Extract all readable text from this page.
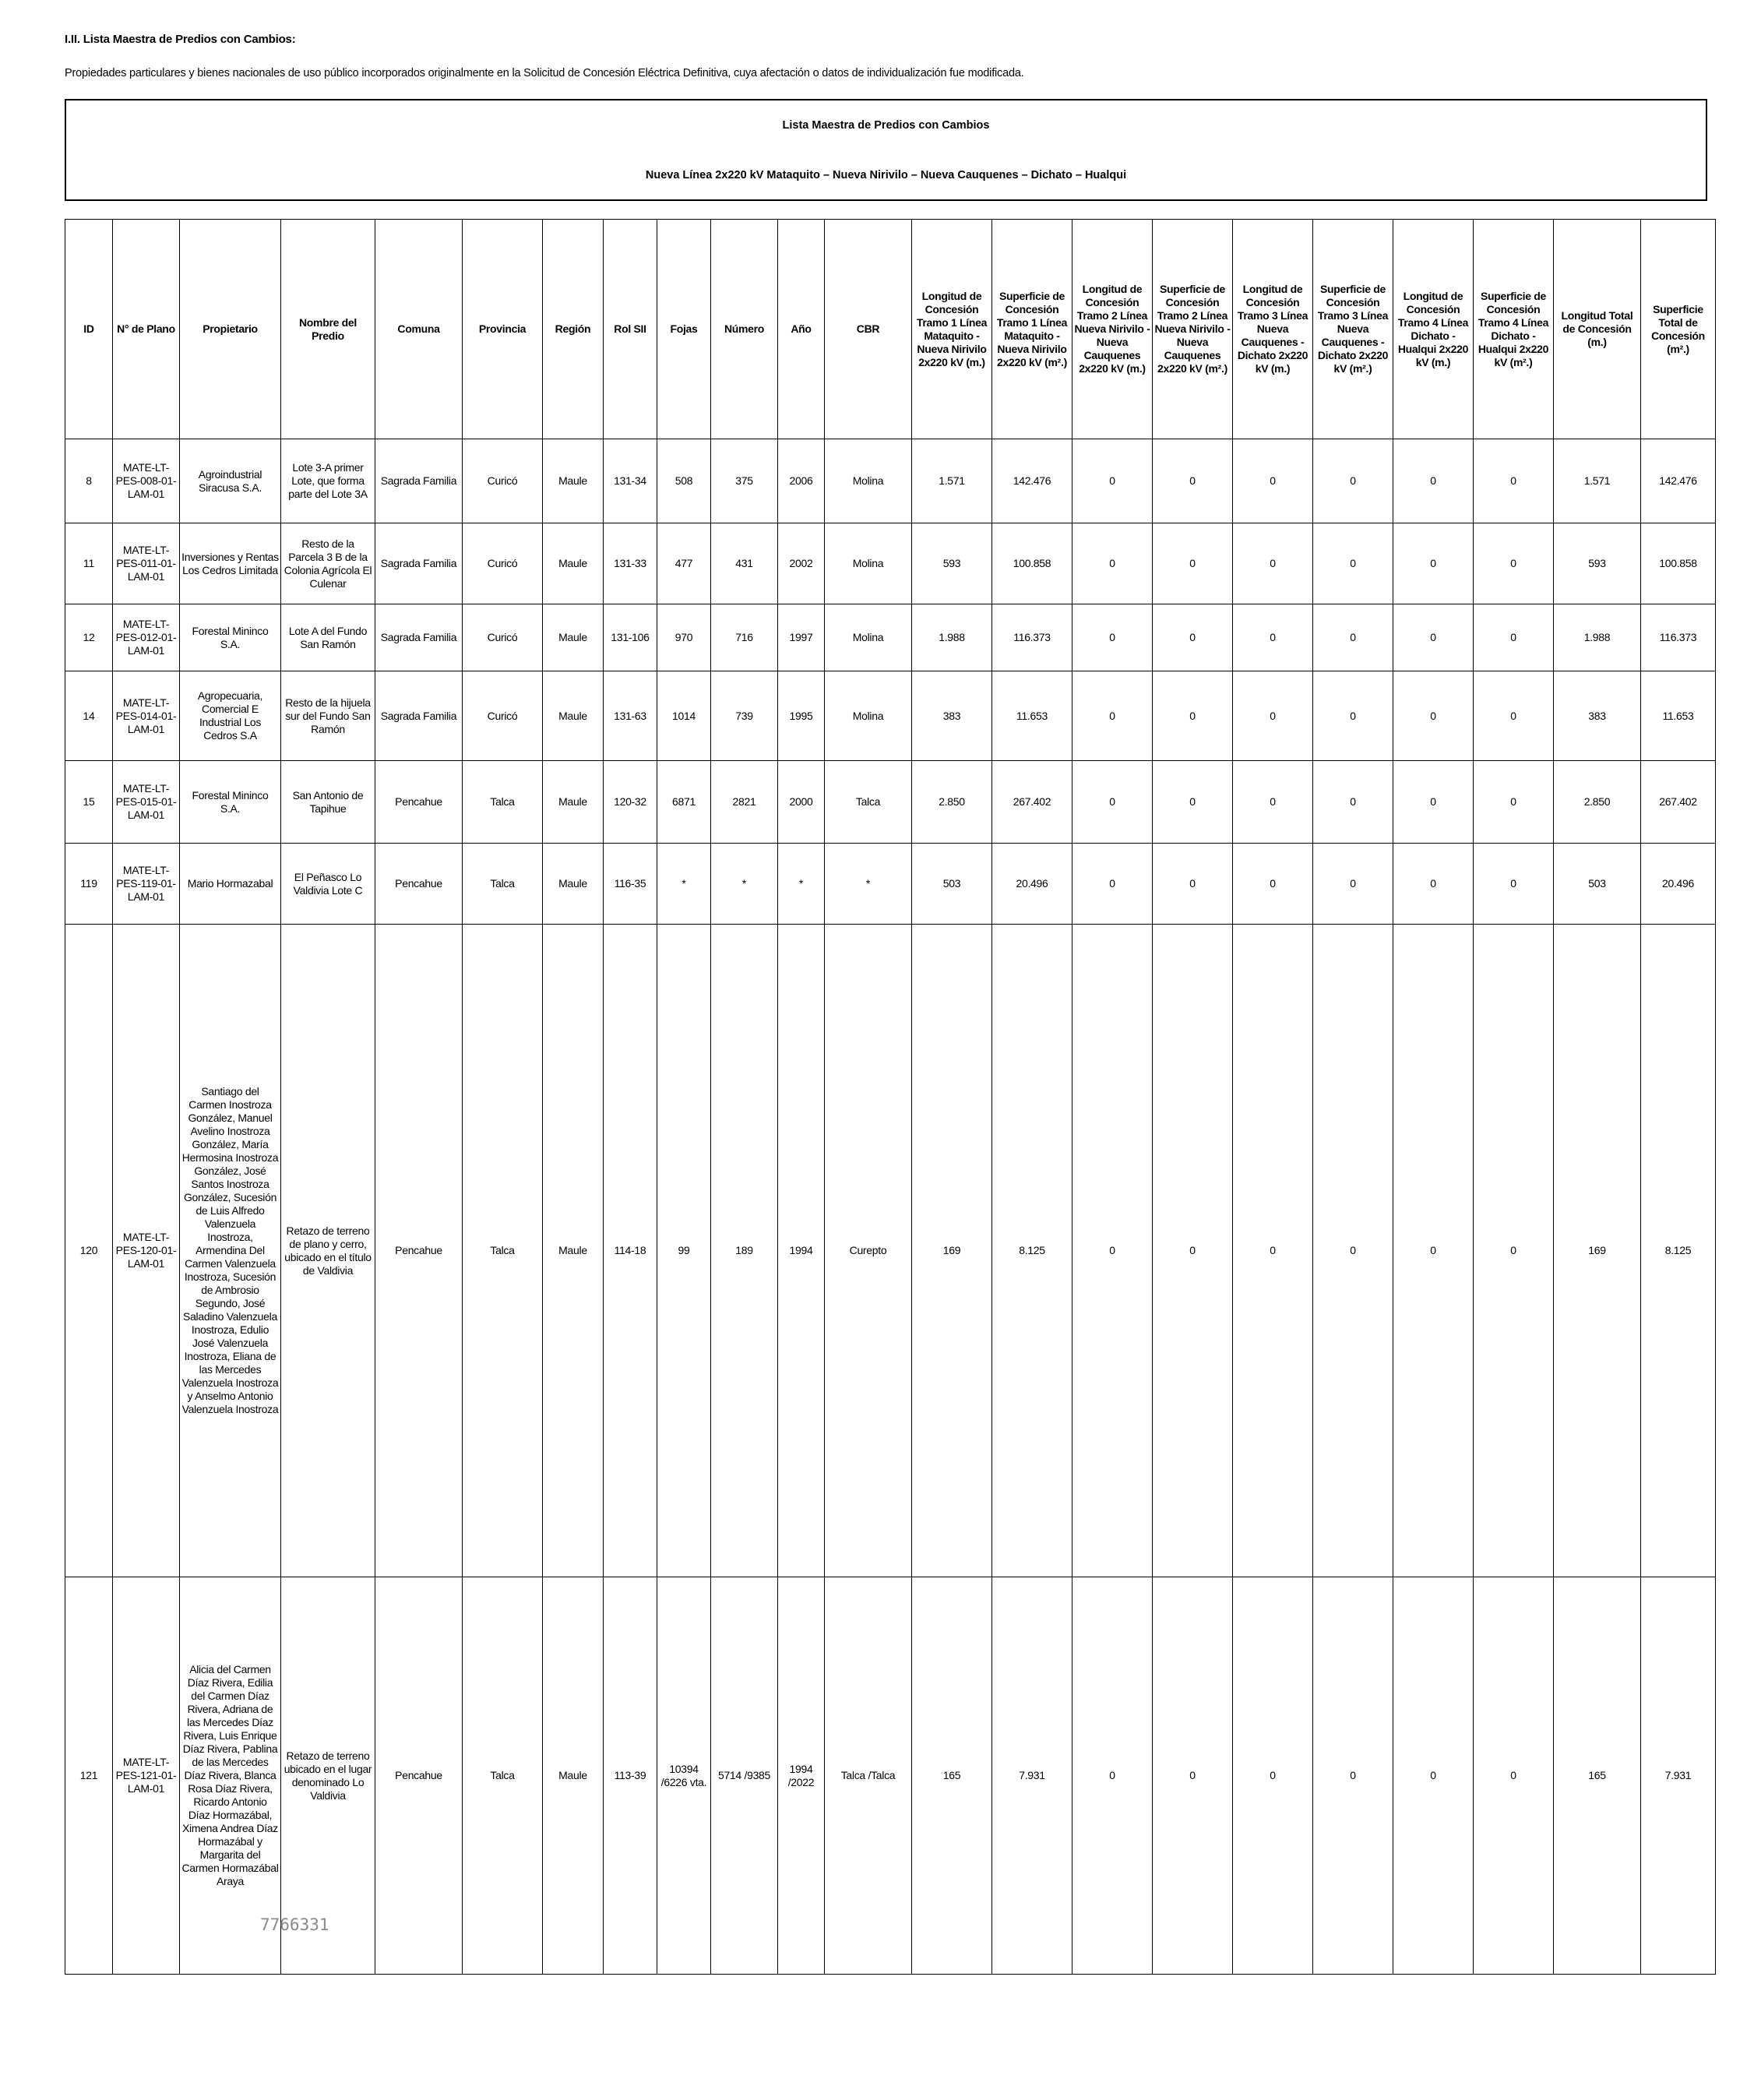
I.II. Lista Maestra de Predios con Cambios:
Propiedades particulares y bienes nacionales de uso público incorporados originalmente en la Solicitud de Concesión Eléctrica Definitiva, cuya afectación o datos de individualización fue modificada.
Lista Maestra de Predios con Cambios
Nueva Línea 2x220 kV Mataquito – Nueva Nirivilo – Nueva Cauquenes – Dichato – Hualqui
ID	N° de Plano	Propietario	Nombre del Predio	Comuna	Provincia	Región	Rol SII	Fojas	Número	Año	CBR	Longitud de Concesión Tramo 1 Línea Mataquito - Nueva Nirivilo 2x220 kV (m.)	Superficie de Concesión Tramo 1 Línea Mataquito - Nueva Nirivilo 2x220 kV (m².)	Longitud de Concesión Tramo 2 Línea Nueva Nirivilo - Nueva Cauquenes 2x220 kV (m.)	Superficie de Concesión Tramo 2 Línea Nueva Nirivilo - Nueva Cauquenes 2x220 kV (m².)	Longitud de Concesión Tramo 3 Línea Nueva Cauquenes - Dichato 2x220 kV (m.)	Superficie de Concesión Tramo 3 Línea Nueva Cauquenes - Dichato 2x220 kV (m².)	Longitud de Concesión Tramo 4 Línea Dichato - Hualqui 2x220 kV (m.)	Superficie de Concesión Tramo 4 Línea Dichato - Hualqui 2x220 kV (m².)	Longitud Total de Concesión (m.)	Superficie Total de Concesión (m².)
8	MATE-LT-PES-008-01-LAM-01	Agroindustrial Siracusa S.A.	Lote 3-A primer Lote, que forma parte del Lote 3A	Sagrada Familia	Curicó	Maule	131-34	508	375	2006	Molina	1.571	142.476	0	0	0	0	0	0	1.571	142.476
11	MATE-LT-PES-011-01-LAM-01	Inversiones y Rentas Los Cedros Limitada	Resto de la Parcela 3 B de la Colonia Agrícola El Culenar	Sagrada Familia	Curicó	Maule	131-33	477	431	2002	Molina	593	100.858	0	0	0	0	0	0	593	100.858
12	MATE-LT-PES-012-01-LAM-01	Forestal Mininco S.A.	Lote A del Fundo San Ramón	Sagrada Familia	Curicó	Maule	131-106	970	716	1997	Molina	1.988	116.373	0	0	0	0	0	0	1.988	116.373
14	MATE-LT-PES-014-01-LAM-01	Agropecuaria, Comercial E Industrial Los Cedros S.A	Resto de la hijuela sur del Fundo San Ramón	Sagrada Familia	Curicó	Maule	131-63	1014	739	1995	Molina	383	11.653	0	0	0	0	0	0	383	11.653
15	MATE-LT-PES-015-01-LAM-01	Forestal Mininco S.A.	San Antonio de Tapihue	Pencahue	Talca	Maule	120-32	6871	2821	2000	Talca	2.850	267.402	0	0	0	0	0	0	2.850	267.402
119	MATE-LT-PES-119-01-LAM-01	Mario Hormazabal	El Peñasco Lo Valdivia Lote C	Pencahue	Talca	Maule	116-35	*	*	*	*	503	20.496	0	0	0	0	0	0	503	20.496
120	MATE-LT-PES-120-01-LAM-01	Santiago del Carmen Inostroza González, Manuel Avelino Inostroza González, María Hermosina Inostroza González, José Santos Inostroza González, Sucesión de Luis Alfredo Valenzuela Inostroza, Armendina Del Carmen Valenzuela Inostroza, Sucesión de Ambrosio Segundo, José Saladino Valenzuela Inostroza, Edulio José Valenzuela Inostroza, Eliana de las Mercedes Valenzuela Inostroza y Anselmo Antonio Valenzuela Inostroza	Retazo de terreno de plano y cerro, ubicado en el título de Valdivia	Pencahue	Talca	Maule	114-18	99	189	1994	Curepto	169	8.125	0	0	0	0	0	0	169	8.125
121	MATE-LT-PES-121-01-LAM-01	Alicia del Carmen Díaz Rivera, Edilia del Carmen Díaz Rivera, Adriana de las Mercedes Díaz Rivera, Luis Enrique Díaz Rivera, Pablina de las Mercedes Díaz Rivera, Blanca Rosa Díaz Rivera, Ricardo Antonio Díaz Hormazábal, Ximena Andrea Díaz Hormazábal y Margarita del Carmen Hormazábal Araya	Retazo de terreno ubicado en el lugar denominado Lo Valdivia	Pencahue	Talca	Maule	113-39	10394 /6226 vta.	5714 /9385	1994 /2022	Talca /Talca	165	7.931	0	0	0	0	0	0	165	7.931
7766331
